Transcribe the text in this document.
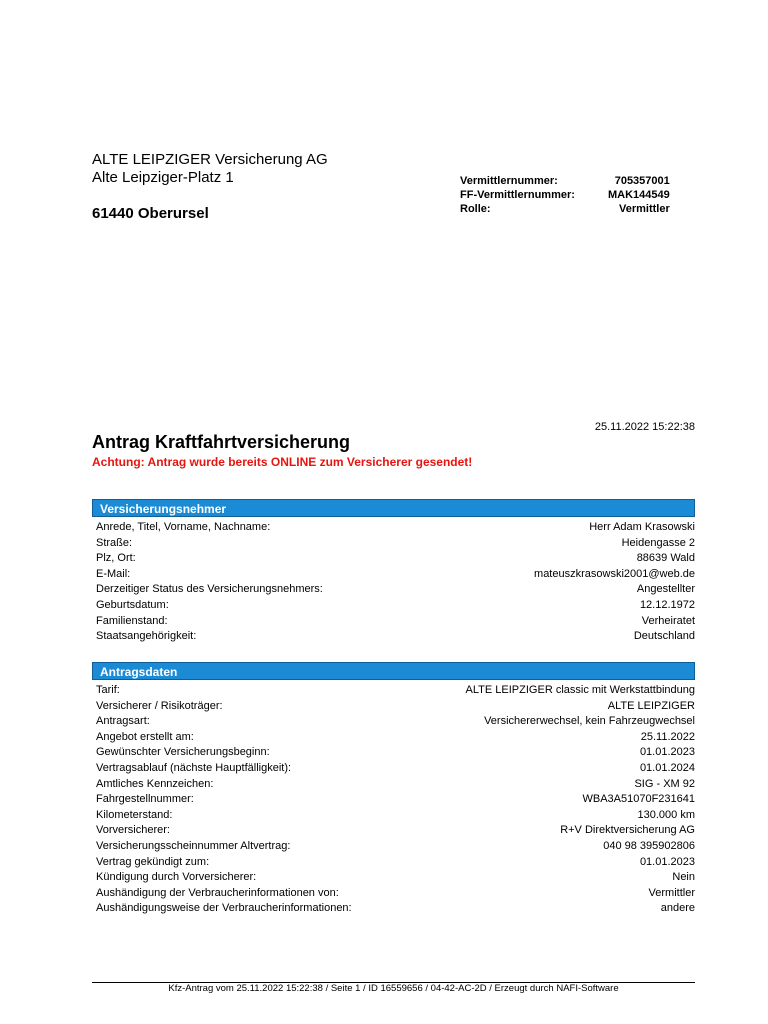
ALTE LEIPZIGER Versicherung AG
Alte Leipziger-Platz 1
61440 Oberursel
Vermittlernummer:	705357001
FF-Vermittlernummer:	MAK144549
Rolle:	Vermittler
25.11.2022 15:22:38
Antrag Kraftfahrtversicherung
Achtung: Antrag wurde bereits ONLINE zum Versicherer gesendet!
Versicherungsnehmer
Anrede, Titel, Vorname, Nachname:	Herr Adam Krasowski
Straße:	Heidengasse 2
Plz, Ort:	88639 Wald
E-Mail:	mateuszkrasowski2001@web.de
Derzeitiger Status des Versicherungsnehmers:	Angestellter
Geburtsdatum:	12.12.1972
Familienstand:	Verheiratet
Staatsangehörigkeit:	Deutschland
Antragsdaten
Tarif:	ALTE LEIPZIGER classic mit Werkstattbindung
Versicherer / Risikoträger:	ALTE LEIPZIGER
Antragsart:	Versichererwechsel, kein Fahrzeugwechsel
Angebot erstellt am:	25.11.2022
Gewünschter Versicherungsbeginn:	01.01.2023
Vertragsablauf (nächste Hauptfälligkeit):	01.01.2024
Amtliches Kennzeichen:	SIG - XM 92
Fahrgestellnummer:	WBA3A51070F231641
Kilometerstand:	130.000 km
Vorversicherer:	R+V Direktversicherung AG
Versicherungsscheinnummer Altvertrag:	040 98 395902806
Vertrag gekündigt zum:	01.01.2023
Kündigung durch Vorversicherer:	Nein
Aushändigung der Verbraucherinformationen von:	Vermittler
Aushändigungsweise der Verbraucherinformationen:	andere
Kfz-Antrag vom 25.11.2022 15:22:38 / Seite 1 / ID 16559656 / 04-42-AC-2D / Erzeugt durch NAFI-Software
